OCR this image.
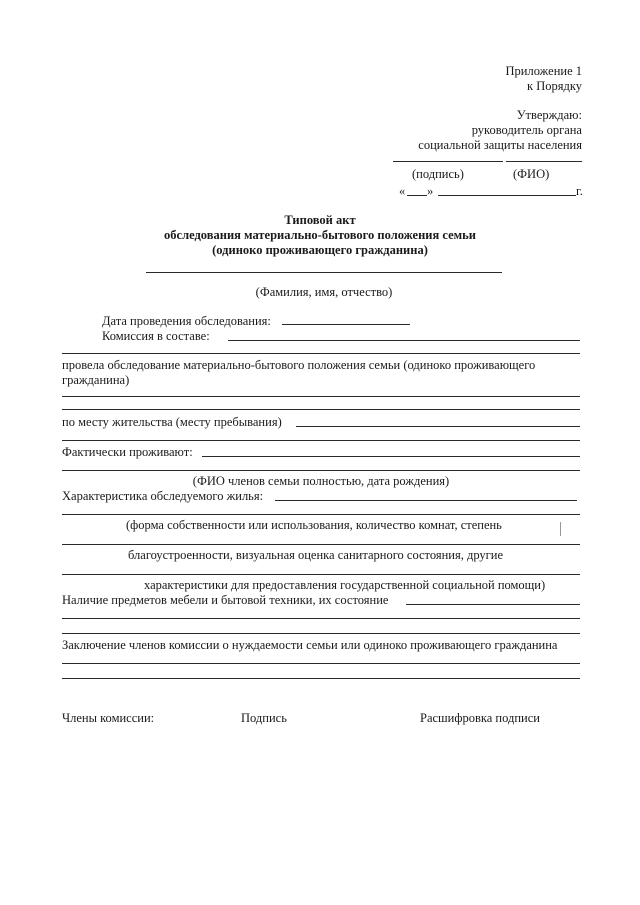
Приложение 1
к Порядку
Утверждаю:
руководитель органа
социальной защиты населения
(подпись)	(ФИО)
« »	г.
Типовой акт
обследования материально-бытового положения семьи
(одиноко проживающего гражданина)
(Фамилия, имя, отчество)
Дата проведения обследования:
Комиссия в составе:
провела обследование материально-бытового положения семьи (одиноко проживающего
гражданина)
по месту жительства (месту пребывания)
Фактически проживают:
(ФИО членов семьи полностью, дата рождения)
Характеристика обследуемого жилья:
(форма собственности или использования, количество комнат, степень
благоустроенности, визуальная оценка санитарного состояния, другие
характеристики для предоставления государственной социальной помощи)
Наличие предметов мебели и бытовой техники, их состояние
Заключение членов комиссии о нуждаемости семьи или одиноко проживающего гражданина
Члены комиссии:	Подпись	Расшифровка подписи
